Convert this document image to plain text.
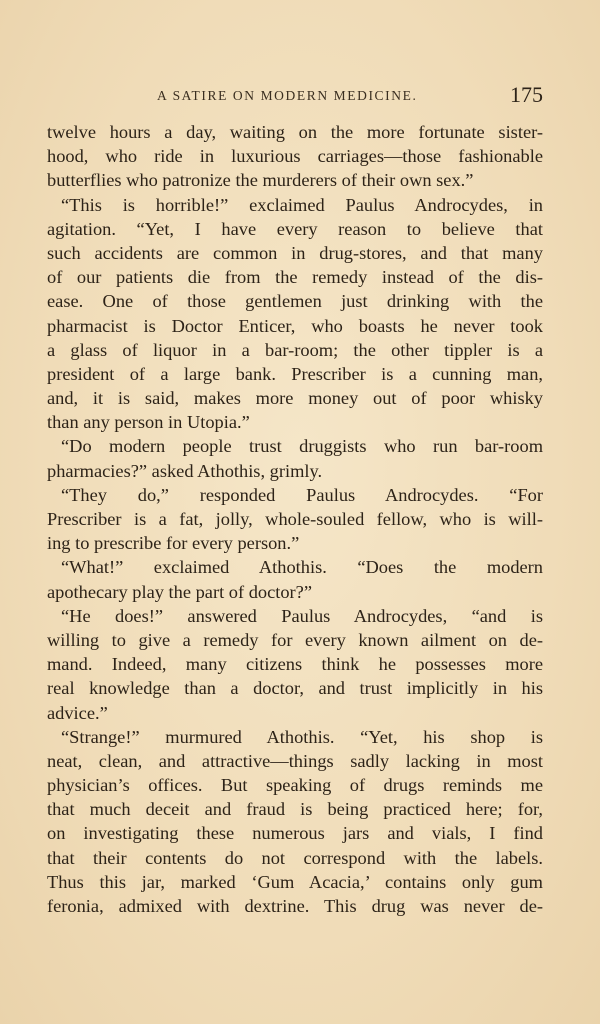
A SATIRE ON MODERN MEDICINE.	175
twelve hours a day, waiting on the more fortunate sister-
hood, who ride in luxurious carriages—those fashionable
butterflies who patronize the murderers of their own sex.”
“This is horrible!” exclaimed Paulus Androcydes, in
agitation. “Yet, I have every reason to believe that
such accidents are common in drug-stores, and that many
of our patients die from the remedy instead of the dis-
ease. One of those gentlemen just drinking with the
pharmacist is Doctor Enticer, who boasts he never took
a glass of liquor in a bar-room; the other tippler is a
president of a large bank. Prescriber is a cunning man,
and, it is said, makes more money out of poor whisky
than any person in Utopia.”
“Do modern people trust druggists who run bar-room
pharmacies?” asked Athothis, grimly.
“They do,” responded Paulus Androcydes. “For
Prescriber is a fat, jolly, whole-souled fellow, who is will-
ing to prescribe for every person.”
“What!” exclaimed Athothis. “Does the modern
apothecary play the part of doctor?”
“He does!” answered Paulus Androcydes, “and is
willing to give a remedy for every known ailment on de-
mand. Indeed, many citizens think he possesses more
real knowledge than a doctor, and trust implicitly in his
advice.”
“Strange!” murmured Athothis. “Yet, his shop is
neat, clean, and attractive—things sadly lacking in most
physician’s offices. But speaking of drugs reminds me
that much deceit and fraud is being practiced here; for,
on investigating these numerous jars and vials, I find
that their contents do not correspond with the labels.
Thus this jar, marked ‘Gum Acacia,’ contains only gum
feronia, admixed with dextrine. This drug was never de-
